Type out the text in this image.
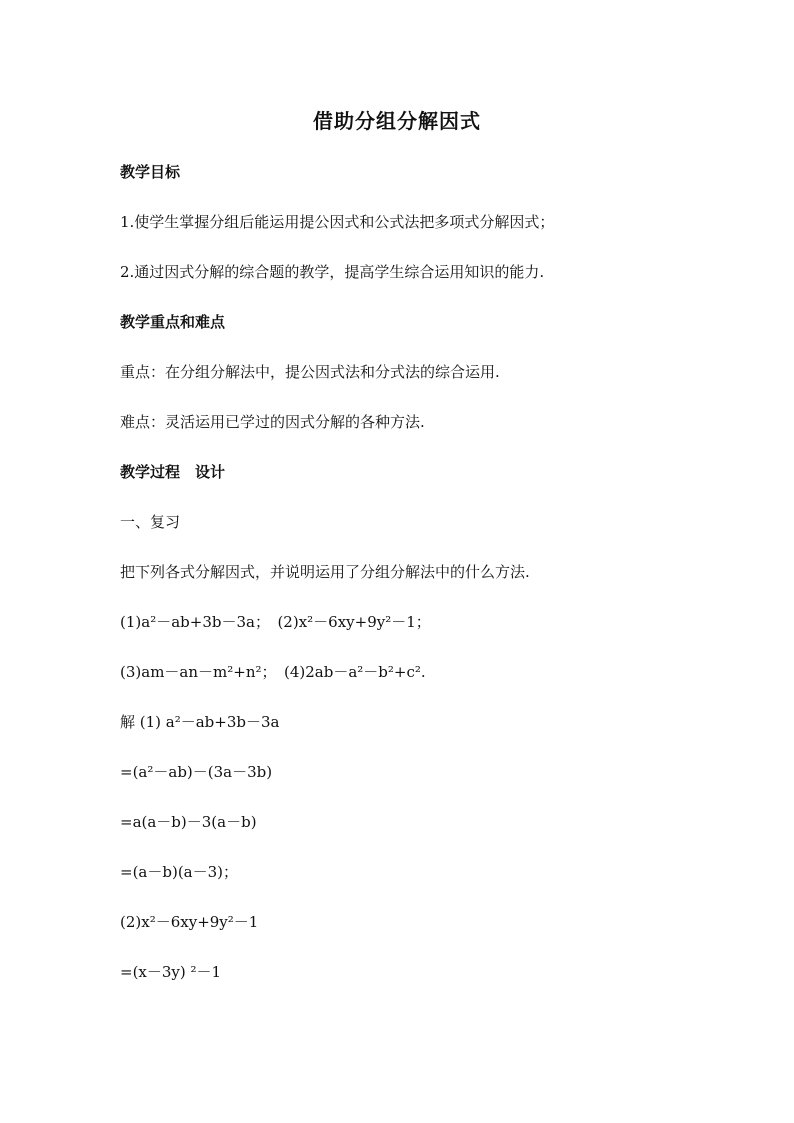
借助分组分解因式

教学目标

1.使学生掌握分组后能运用提公因式和公式法把多项式分解因式；

2.通过因式分解的综合题的教学，提高学生综合运用知识的能力.

教学重点和难点

重点：在分组分解法中，提公因式法和分式法的综合运用.

难点：灵活运用已学过的因式分解的各种方法.

教学过程　设计

一、复习

把下列各式分解因式，并说明运用了分组分解法中的什么方法.

(1)a²－ab+3b－3a；　(2)x²－6xy+9y²－1；

(3)am－an－m²+n²；　(4)2ab－a²－b²+c².

解 (1) a²－ab+3b－3a

=(a²－ab)－(3a－3b)

=a(a－b)－3(a－b)

=(a－b)(a－3)；

(2)x²－6xy+9y²－1

=(x－3y) ²－1
